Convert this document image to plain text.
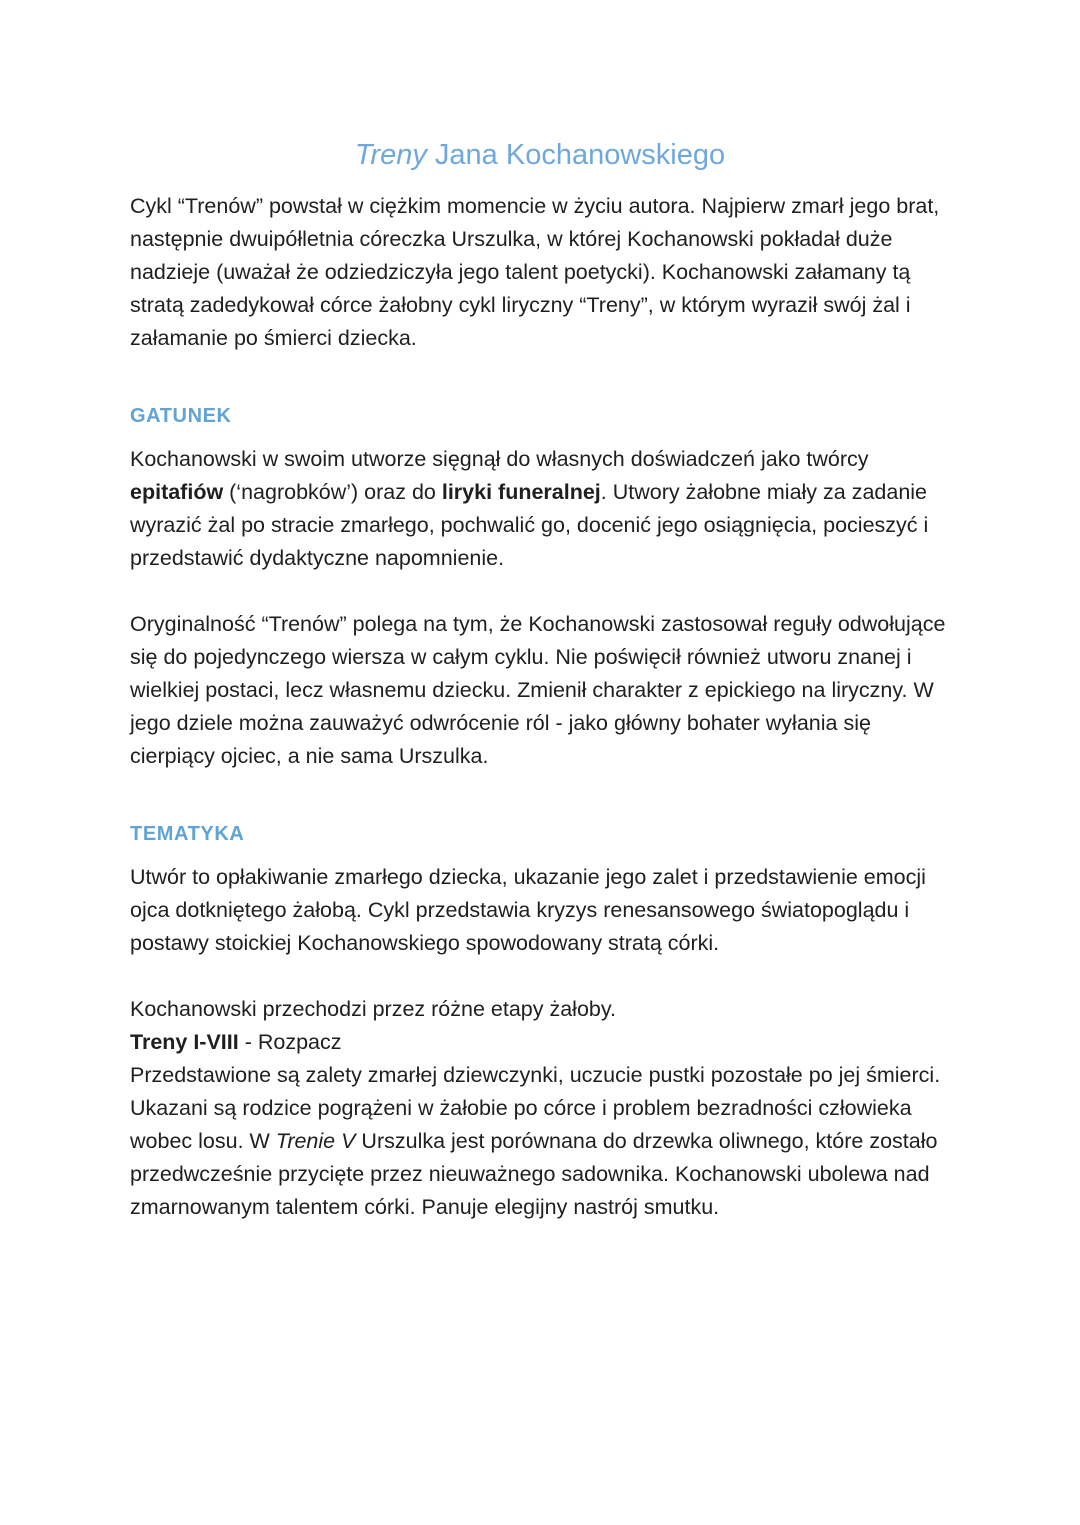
Treny Jana Kochanowskiego

Cykl “Trenów” powstał w ciężkim momencie w życiu autora. Najpierw zmarł jego brat, następnie dwuipółletnia córeczka Urszulka, w której Kochanowski pokładał duże nadzieje (uważał że odziedziczyła jego talent poetycki). Kochanowski załamany tą stratą zadedykował córce żałobny cykl liryczny “Treny”, w którym wyraził swój żal i załamanie po śmierci dziecka.

GATUNEK

Kochanowski w swoim utworze sięgnął do własnych doświadczeń jako twórcy epitafiów (‘nagrobków’) oraz do liryki funeralnej. Utwory żałobne miały za zadanie wyrazić żal po stracie zmarłego, pochwalić go, docenić jego osiągnięcia, pocieszyć i przedstawić dydaktyczne napomnienie.

Oryginalność “Trenów” polega na tym, że Kochanowski zastosował reguły odwołujące się do pojedynczego wiersza w całym cyklu. Nie poświęcił również utworu znanej i wielkiej postaci, lecz własnemu dziecku. Zmienił charakter z epickiego na liryczny. W jego dziele można zauważyć odwrócenie ról - jako główny bohater wyłania się cierpiący ojciec, a nie sama Urszulka.

TEMATYKA

Utwór to opłakiwanie zmarłego dziecka, ukazanie jego zalet i przedstawienie emocji ojca dotkniętego żałobą. Cykl przedstawia kryzys renesansowego światopoglądu i postawy stoickiej Kochanowskiego spowodowany stratą córki.

Kochanowski przechodzi przez różne etapy żałoby.

Treny I-VIII - Rozpacz

Przedstawione są zalety zmarłej dziewczynki, uczucie pustki pozostałe po jej śmierci. Ukazani są rodzice pogrążeni w żałobie po córce i problem bezradności człowieka wobec losu. W Trenie V Urszulka jest porównana do drzewka oliwnego, które zostało przedwcześnie przycięte przez nieuważnego sadownika. Kochanowski ubolewa nad zmarnowanym talentem córki. Panuje elegijny nastrój smutku.
